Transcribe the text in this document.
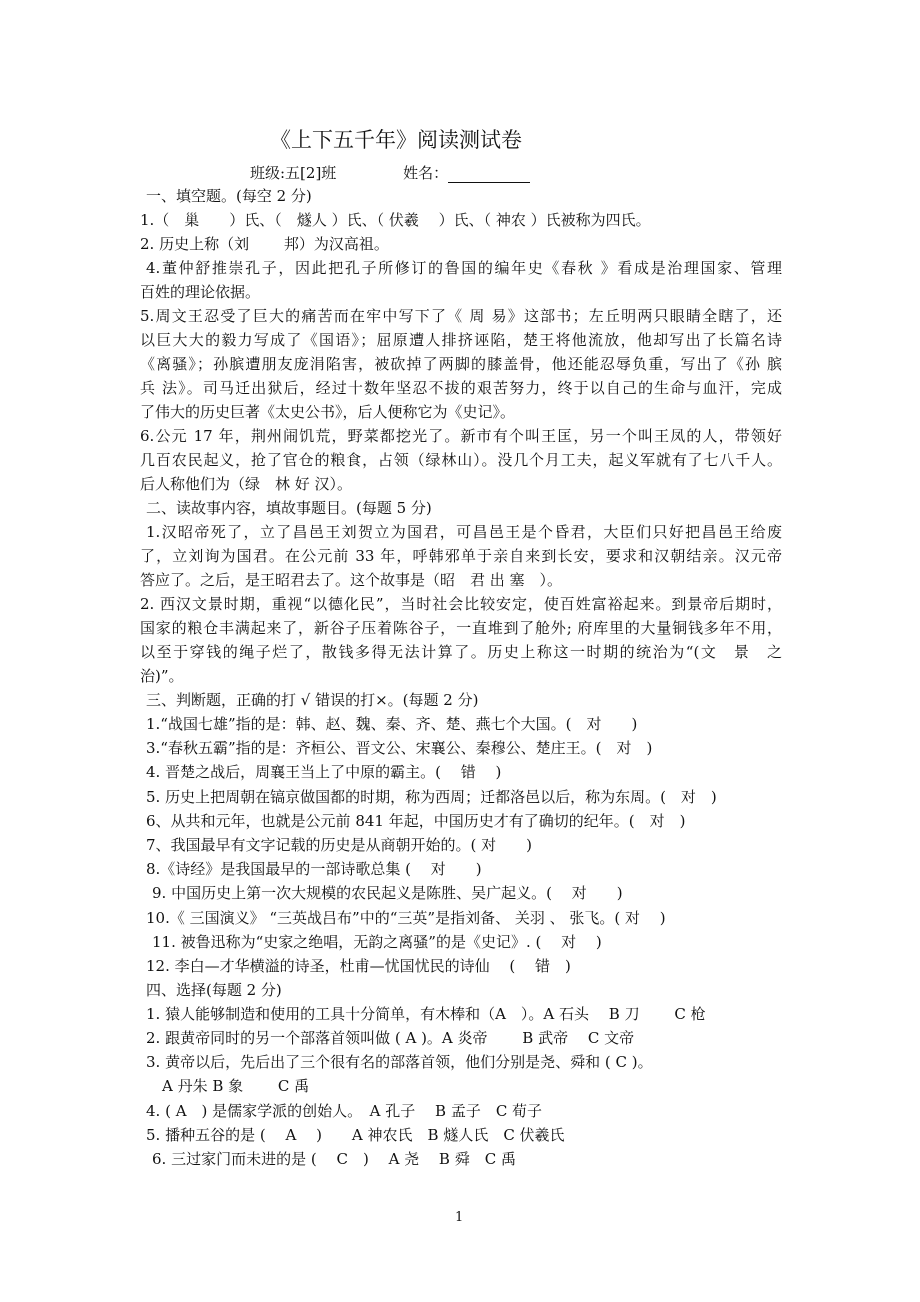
《上下五千年》阅读测试卷
班级:五[2]班	姓名：
一、填空题。(每空 2 分)
1.（　巢　　）氏、（　燧人 ）氏、（ 伏羲　 ）氏、（ 神农 ）氏被称为四氏。
2. 历史上称（刘　　 邦）为汉高祖。
4.董仲舒推崇孔子，因此把孔子所修订的鲁国的编年史《春秋 》看成是治理国家、管理
百姓的理论依据。
5.周文王忍受了巨大的痛苦而在牢中写下了《 周 易》这部书；左丘明两只眼睛全瞎了，还
以巨大大的毅力写成了《国语》；屈原遭人排挤诬陷，楚王将他流放，他却写出了长篇名诗
《离骚》；孙膑遭朋友庞涓陷害，被砍掉了两脚的膝盖骨，他还能忍辱负重，写出了《孙 膑
兵 法》。司马迁出狱后，经过十数年坚忍不拔的艰苦努力，终于以自己的生命与血汗，完成
了伟大的历史巨著《太史公书》，后人便称它为《史记》。
6.公元 17 年，荆州闹饥荒，野菜都挖光了。新市有个叫王匡，另一个叫王凤的人，带领好
几百农民起义，抢了官仓的粮食，占领（绿林山）。没几个月工夫，起义军就有了七八千人。
后人称他们为（绿　林 好 汉）。
二、读故事内容，填故事题目。(每题 5 分)
1.汉昭帝死了，立了昌邑王刘贺立为国君，可昌邑王是个昏君，大臣们只好把昌邑王给废
了，立刘询为国君。在公元前 33 年，呼韩邪单于亲自来到长安，要求和汉朝结亲。汉元帝
答应了。之后，是王昭君去了。这个故事是（昭　君 出 塞　）。
2. 西汉文景时期，重视“以德化民”，当时社会比较安定，使百姓富裕起来。到景帝后期时，
国家的粮仓丰满起来了，新谷子压着陈谷子，一直堆到了舱外; 府库里的大量铜钱多年不用，
以至于穿钱的绳子烂了，散钱多得无法计算了。历史上称这一时期的统治为“(文　景　之
治)”。
三、判断题，正确的打 √ 错误的打×。(每题 2 分)
1.“战国七雄”指的是：韩、赵、魏、秦、齐、楚、燕七个大国。(　对　　)
3.“春秋五霸”指的是：齐桓公、晋文公、宋襄公、秦穆公、楚庄王。(　对　)
4. 晋楚之战后，周襄王当上了中原的霸主。(　 错　 )
5. 历史上把周朝在镐京做国都的时期，称为西周；迁都洛邑以后，称为东周。(　对　)
6、从共和元年，也就是公元前 841 年起，中国历史才有了确切的纪年。(　对　)
7、我国最早有文字记载的历史是从商朝开始的。( 对　　)
8.《诗经》是我国最早的一部诗歌总集 (　 对　　)
9. 中国历史上第一次大规模的农民起义是陈胜、吴广起义。(　 对　　)
10.《 三国演义》 “三英战吕布”中的“三英”是指刘备、 关羽 、 张飞。( 对　 )
11. 被鲁迅称为“史家之绝唱，无韵之离骚”的是《史记》. (　 对　 )
12. 李白—才华横溢的诗圣，杜甫—忧国忧民的诗仙　 (　 错　)
四、选择(每题 2 分)
1. 猿人能够制造和使用的工具十分简单，有木棒和（A　）。A 石头　 B 刀　　 C 枪
2. 跟黄帝同时的另一个部落首领叫做 ( A )。A 炎帝　　 B 武帝　 C 文帝
3. 黄帝以后，先后出了三个很有名的部落首领，他们分别是尧、舜和 ( C )。
A 丹朱 B 象　　 C 禹
4. ( A　) 是儒家学派的创始人。　A 孔子　 B 孟子　C 荀子
5. 播种五谷的是 (　 A　 )　　A 神农氏　B 燧人氏　C 伏羲氏
6. 三过家门而未进的是 (　 C　)　 A 尧　 B 舜　C 禹
1
